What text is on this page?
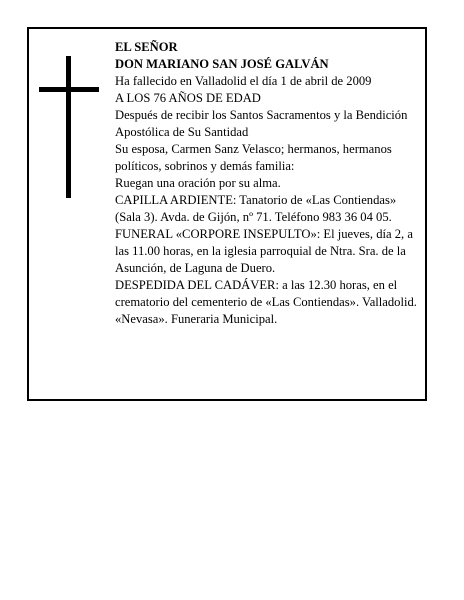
EL SEÑOR

DON MARIANO SAN JOSÉ GALVÁN

Ha fallecido en Valladolid el día 1 de abril de 2009

A LOS 76 AÑOS DE EDAD

Después de recibir los Santos Sacramentos y la Bendición Apostólica de Su Santidad

Su esposa, Carmen Sanz Velasco; hermanos, hermanos políticos, sobrinos y demás familia:

Ruegan una oración por su alma.

CAPILLA ARDIENTE: Tanatorio de «Las Contiendas» (Sala 3). Avda. de Gijón, nº 71. Teléfono 983 36 04 05.

FUNERAL «CORPORE INSEPULTO»: El jueves, día 2, a las 11.00 horas, en la iglesia parroquial de Ntra. Sra. de la Asunción, de Laguna de Duero.

DESPEDIDA DEL CADÁVER: a las 12.30 horas, en el crematorio del cementerio de «Las Contiendas». Valladolid.

«Nevasa». Funeraria Municipal.
